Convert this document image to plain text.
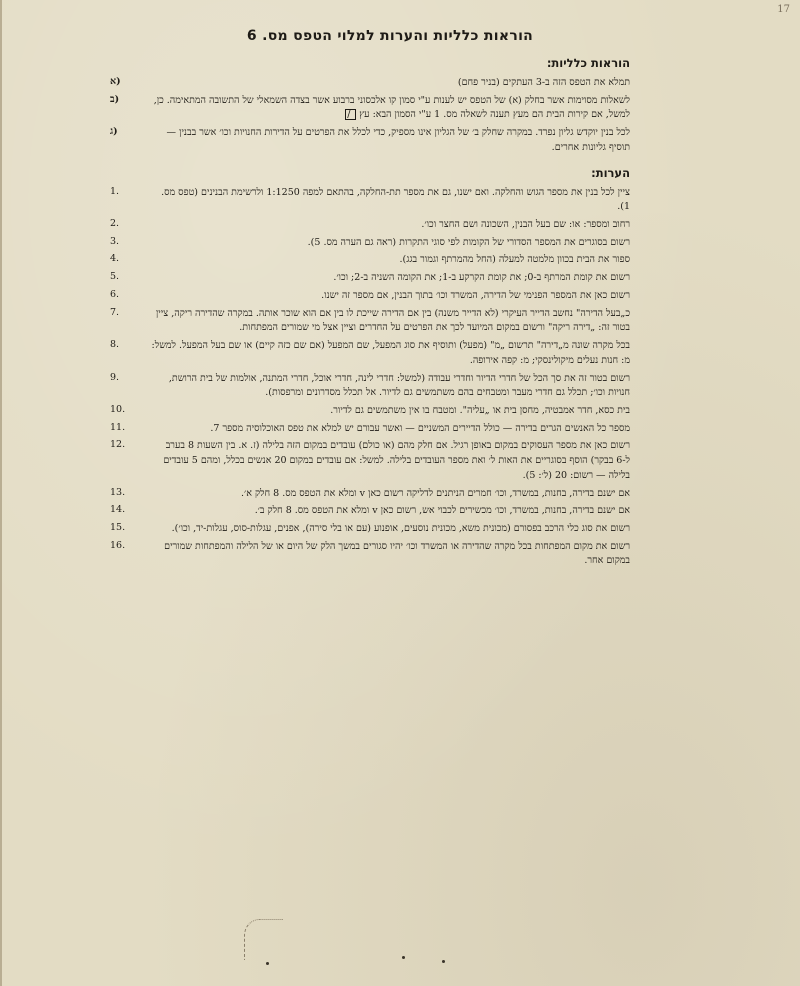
17
הוראות כלליות והערות למלוי הטפס מס. 6
הוראות כלליות:
א)	תמלא את הטפס הזה ב-3 העתקים (בניר פחם)
ב)	לשאלות מסוימות אשר בחלק (א) של הטפס יש לענות ע"י סמון קו אלכסוני ברבוע אשר בצדה השמאלי של התשובה המתאימה. כן, למשל, אם קירות הבית הם מעץ תענה לשאלה מס. 1 ע"י הסמון הבא: עץ/
ג)	לכל בנין יוקדש גליון נפרד. במקרה שחלק ב׳ של הגליון אינו מספיק, כדי לכלל את הפרטים על הדירות החנויות וכו׳ אשר בבנין — תוסיף גליונות אחרים.
הערות:
1.	ציין לכל בנין את מספר הגוש והחלקה. ואם ישנו, גם את מספר תת-החלקה, בהתאם למפה 1:1250 ולרשימת הבנינים (טפס מס. 1).
2.	רחוב ומספר: או: שם בעל הבנין, השכונה ושם החצר וכו׳.
3.	רשום בסוגרים את המספר הסדורי של הקומות לפי סוגי התקרות (ראה גם הערה מס. 5).
4.	ספור את הבית בכוון מלמטה למעלה (החל מהמרתף וגמור בגג).
5.	רשום את קומת המרתף ב-0; את קומת הקרקע ב-1; את הקומה השניה ב-2; וכו׳.
6.	רשום כאן את המספר הפנימי של הדירה, המשרד וכו׳ בתוך הבנין, אם מספר זה ישנו.
7.	כ„בעל הדירה" נחשב הדייר העיקרי (לא הדייר משנה) בין אם הדירה שייכת לו בין אם הוא שוכר אותה. במקרה שהדירה ריקה, ציין בטור זה: „דירה ריקה" ורשום במקום המיועד לכך את הפרטים על החדרים וציין אצל מי שמורים המפתחות.
8.	בכל מקרה שונה מ„דירה" תרשום „מ" (מפעל) ותוסיף את סוג המפעל, שם המפעל (אם שם כזה קיים) או שם בעל המפעל. למשל: מ: חנות נעלים מיקולינסקי; מ: קפה אירופה.
9.	רשום בטור זה את סך הכל של חדרי הדיור וחדרי עבודה (למשל: חדרי לינה, חדרי אוכל, חדרי המתנה, אולמות של בית הרושת, חנויות וכו׳; תכלל גם חדרי מעבר ומטבחים בהם משתמשים גם לדיור. אל תכלל מסדרונים ומרפסות).
10.	בית כסא, חדר אמבטיה, מחסן בית או „עליה". ומטבח בו אין משתמשים גם לדיור.
11.	מספר כל האנשים הגרים בדירה — כולל הדיירים המשניים — ואשר עבורם יש למלא את טפס האוכלוסיה מספר 7.
12.	רשום כאן את מספר העסוקים במקום באופן רגיל. אם חלק מהם (או כולם) עובדים במקום הזה בלילה (ז. א. בין השעות 8 בערב ל-6 בבקר) הוסף בסוגריים את האות ל׳ ואת מספר העובדים בלילה. למשל: אם עובדים במקום 20 אנשים בכלל, ומהם 5 עובדים בלילה — רשום: 20 (ל׳: 5).
13.	אם ישנם בדירה, בחנות, במשרד, וכו׳ חמרים הניתנים לדליקה רשום כאן v ומלא את הטפס מס. 8 חלק א׳.
14.	אם ישנם בדירה, בחנות, במשרד, וכו׳ מכשירים לכבוי אש, רשום כאן v ומלא את הטפס מס. 8 חלק ב׳.
15.	רשום את סוג כלי הרכב בפסורם (מכונית משא, מכונית נוסעים, אופנוע (עם או בלי סירה), אפנים, עגלות-סוס, עגלות-יד, וכו׳).
16.	רשום את מקום המפתחות בכל מקרה שהדירה או המשרד וכו׳ יהיו סגורים במשך הלק של היום או של הלילה והמפתחות שמורים במקום אחר.
